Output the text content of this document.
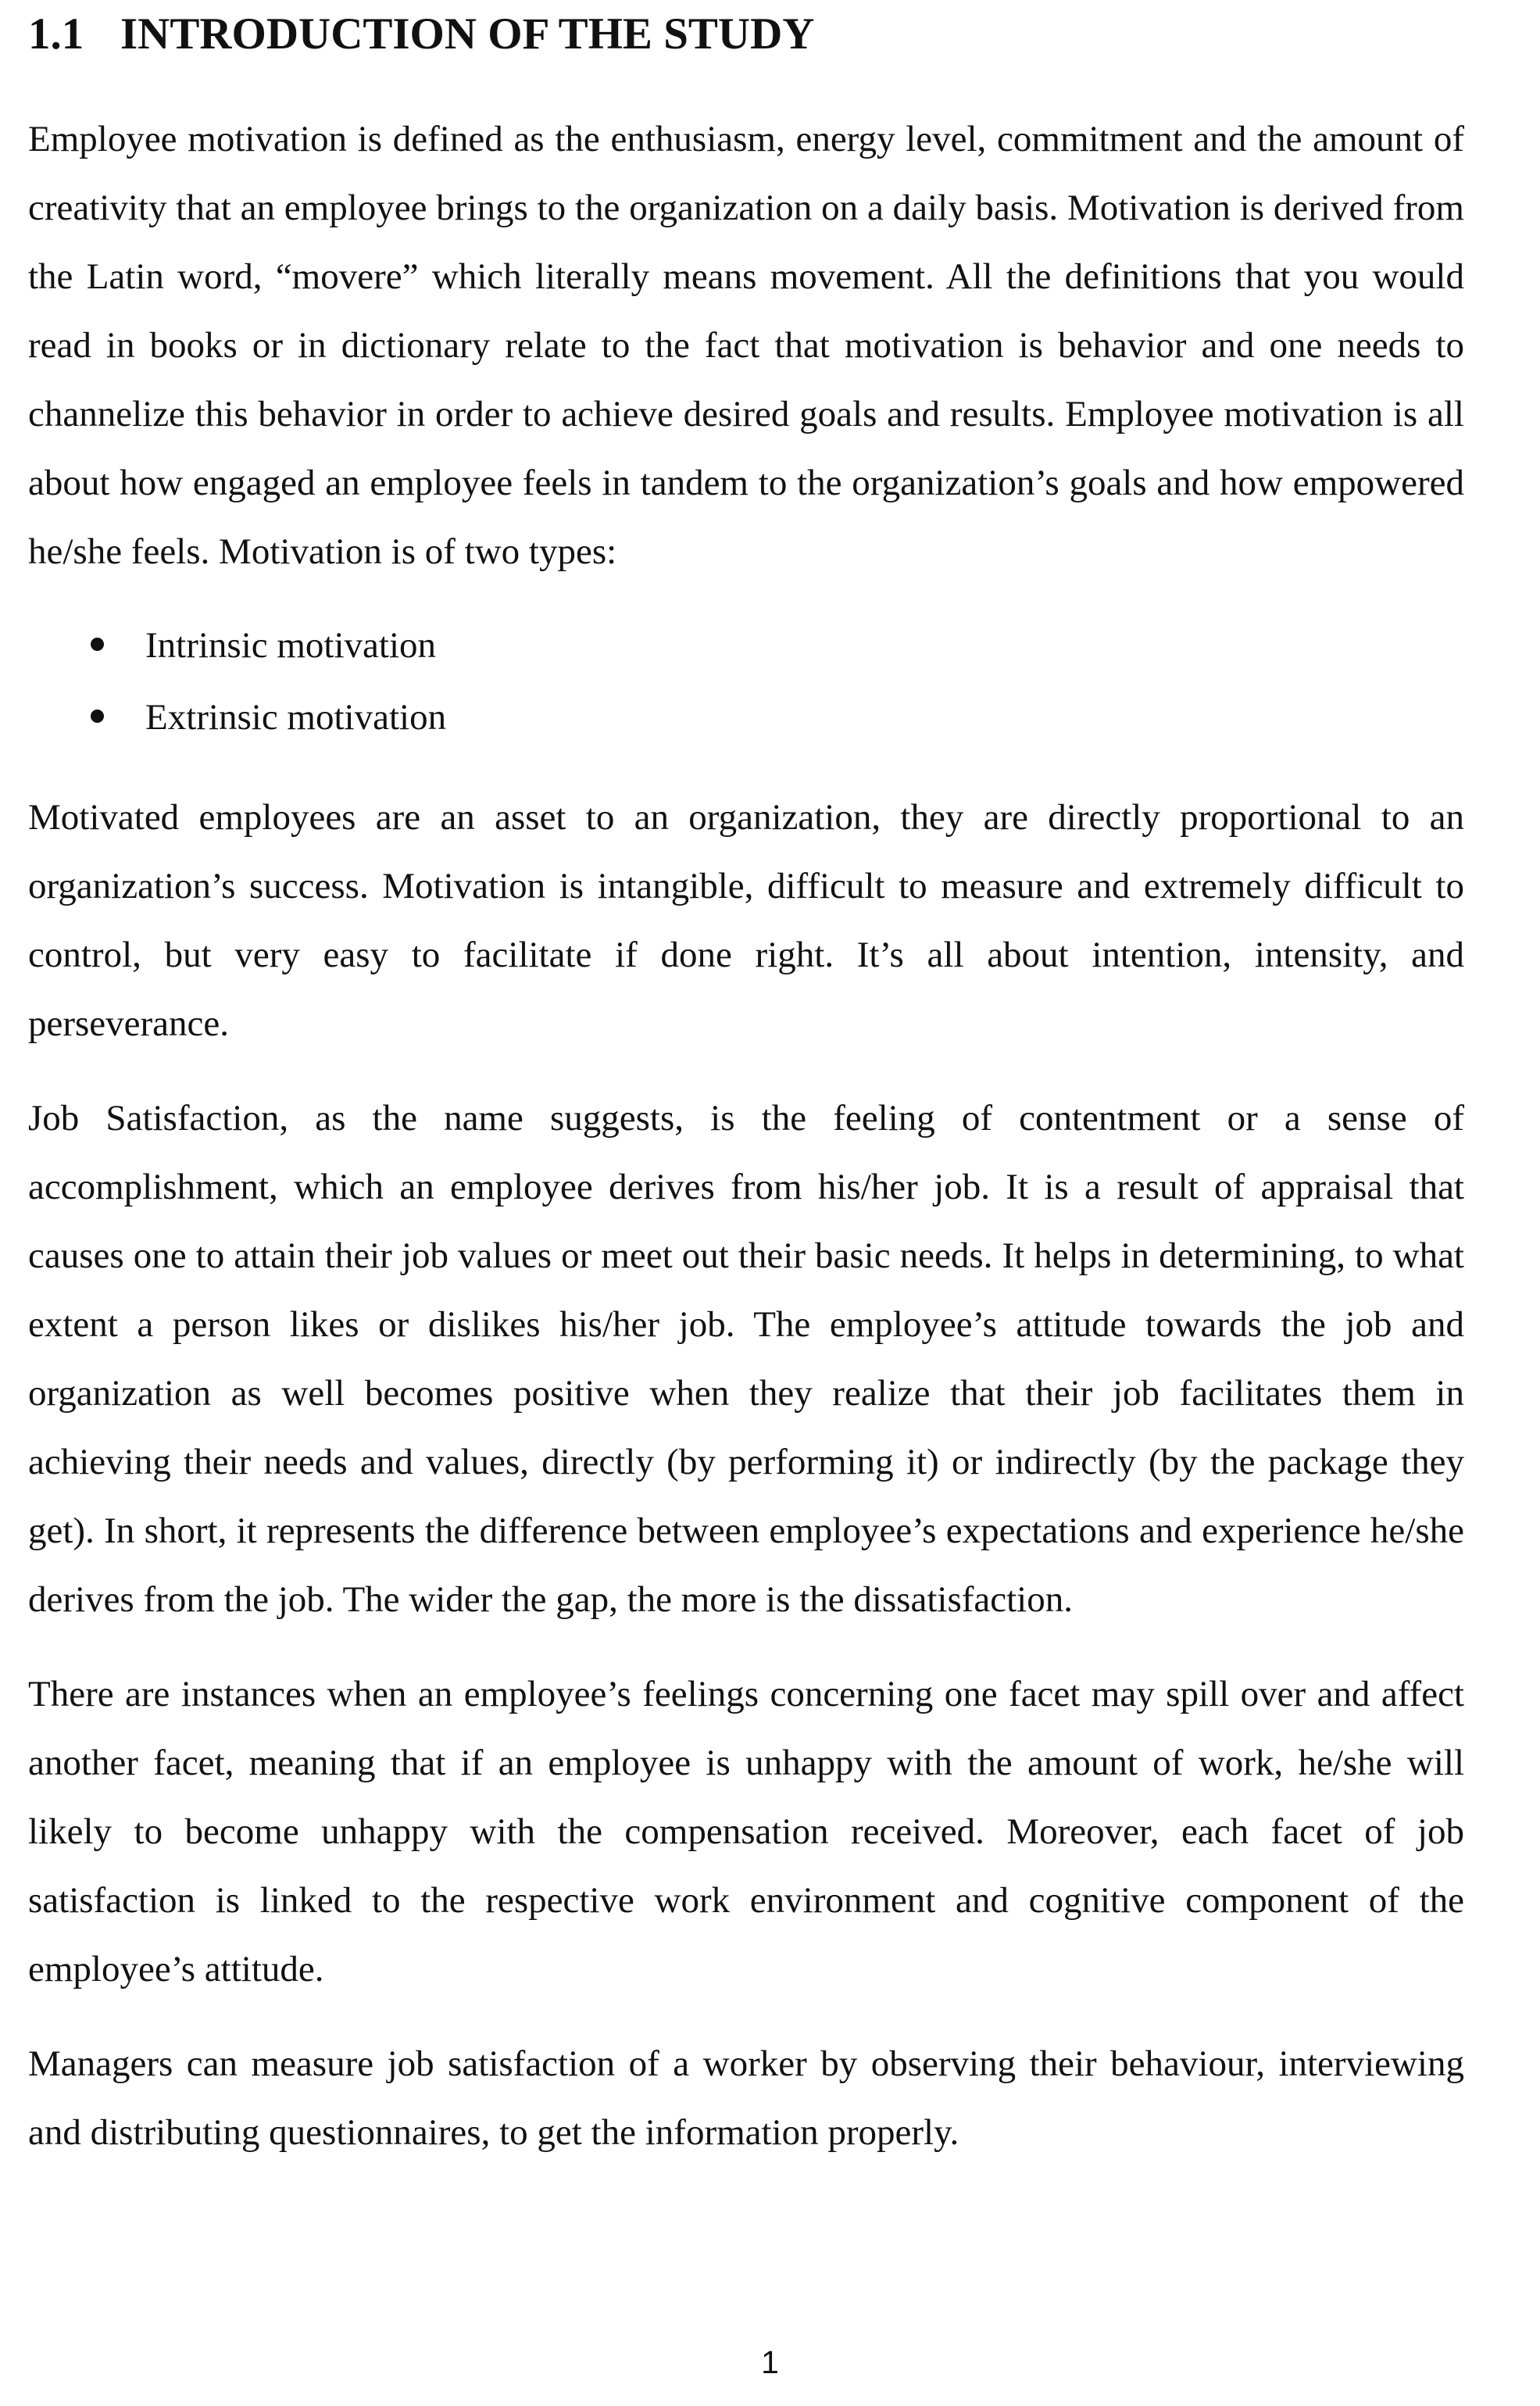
1.1 INTRODUCTION OF THE STUDY

Employee motivation is defined as the enthusiasm, energy level, commitment and the amount of creativity that an employee brings to the organization on a daily basis. Motivation is derived from the Latin word, “movere” which literally means movement. All the definitions that you would read in books or in dictionary relate to the fact that motivation is behavior and one needs to channelize this behavior in order to achieve desired goals and results. Employee motivation is all about how engaged an employee feels in tandem to the organization’s goals and how empowered he/she feels. Motivation is of two types:

Intrinsic motivation
Extrinsic motivation

Motivated employees are an asset to an organization, they are directly proportional to an organization’s success. Motivation is intangible, difficult to measure and extremely difficult to control, but very easy to facilitate if done right. It’s all about intention, intensity, and perseverance.

Job Satisfaction, as the name suggests, is the feeling of contentment or a sense of accomplishment, which an employee derives from his/her job. It is a result of appraisal that causes one to attain their job values or meet out their basic needs. It helps in determining, to what extent a person likes or dislikes his/her job. The employee’s attitude towards the job and organization as well becomes positive when they realize that their job facilitates them in achieving their needs and values, directly (by performing it) or indirectly (by the package they get). In short, it represents the difference between employee’s expectations and experience he/she derives from the job. The wider the gap, the more is the dissatisfaction.

There are instances when an employee’s feelings concerning one facet may spill over and affect another facet, meaning that if an employee is unhappy with the amount of work, he/she will likely to become unhappy with the compensation received. Moreover, each facet of job satisfaction is linked to the respective work environment and cognitive component of the employee’s attitude.

Managers can measure job satisfaction of a worker by observing their behaviour, interviewing and distributing questionnaires, to get the information properly.

1
